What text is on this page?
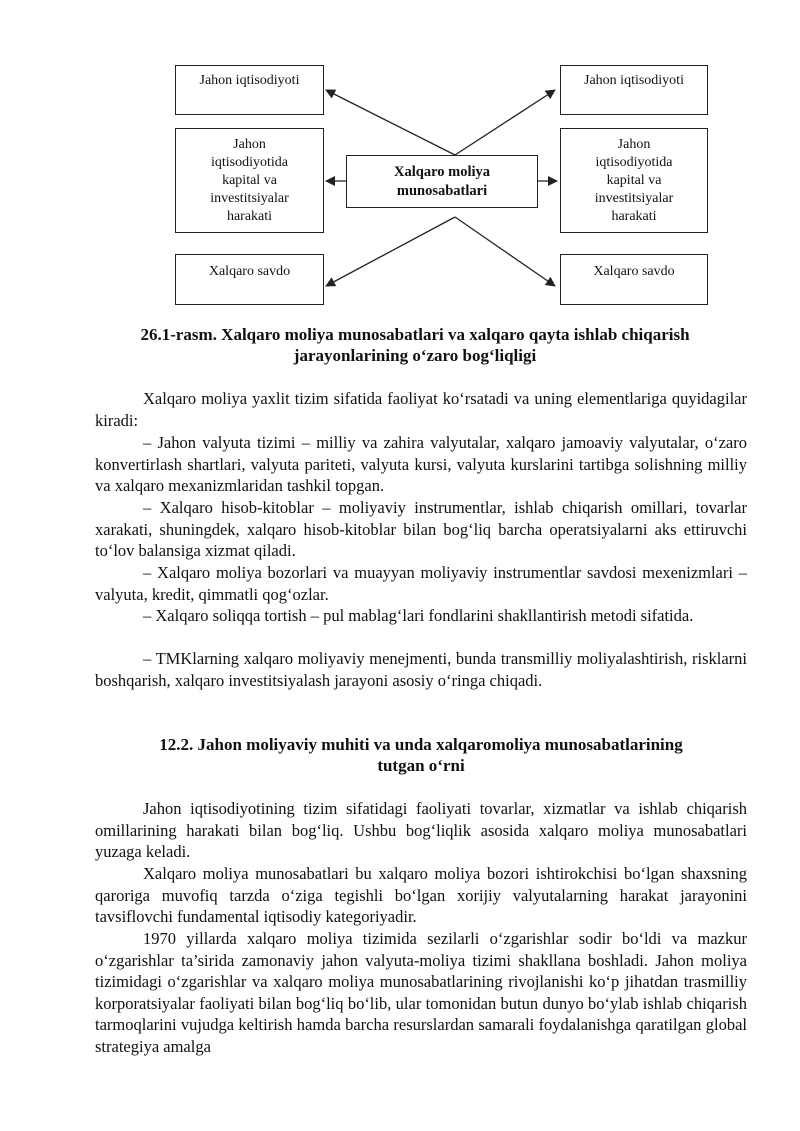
Jahon iqtisodiyoti	Jahon iqtisodiyoti
Jahon
iqtisodiyotida
kapital va
investitsiyalar
harakati
Jahon
iqtisodiyotida
kapital va
investitsiyalar
harakati
Xalqaro moliya
munosabatlari
Xalqaro savdo	Xalqaro savdo
26.1-rasm. Xalqaro moliya munosabatlari va xalqaro qayta ishlab chiqarish
jarayonlarining o‘zaro bog‘liqligi

Xalqaro moliya yaxlit tizim sifatida faoliyat ko‘rsatadi va uning elementlariga quyidagilar kiradi:

– Jahon valyuta tizimi – milliy va zahira valyutalar, xalqaro jamoaviy valyutalar, o‘zaro konvertirlash shartlari, valyuta pariteti, valyuta kursi, valyuta kurslarini tartibga solishning milliy va xalqaro mexanizmlaridan tashkil topgan.

– Xalqaro hisob-kitoblar – moliyaviy instrumentlar, ishlab chiqarish omillari, tovarlar xarakati, shuningdek, xalqaro hisob-kitoblar bilan bog‘liq barcha operatsiyalarni aks ettiruvchi to‘lov balansiga xizmat qiladi.

– Xalqaro moliya bozorlari va muayyan moliyaviy instrumentlar savdosi mexenizmlari – valyuta, kredit, qimmatli qog‘ozlar.

– Xalqaro soliqqa tortish – pul mablag‘lari fondlarini shakllantirish metodi sifatida.

– TMKlarning xalqaro moliyaviy menejmenti, bunda transmilliy moliyalashtirish, risklarni boshqarish, xalqaro investitsiyalash jarayoni asosiy o‘ringa chiqadi.

12.2. Jahon moliyaviy muhiti va unda xalqaromoliya munosabatlarining
tutgan o‘rni

Jahon iqtisodiyotining tizim sifatidagi faoliyati tovarlar, xizmatlar va ishlab chiqarish omillarining harakati bilan bog‘liq. Ushbu bog‘liqlik asosida xalqaro moliya munosabatlari yuzaga keladi.

Xalqaro moliya munosabatlari bu xalqaro moliya bozori ishtirokchisi bo‘lgan shaxsning qaroriga muvofiq tarzda o‘ziga tegishli bo‘lgan xorijiy valyutalarning harakat jarayonini tavsiflovchi fundamental iqtisodiy kategoriyadir.

1970 yillarda xalqaro moliya tizimida sezilarli o‘zgarishlar sodir bo‘ldi va mazkur o‘zgarishlar ta’sirida zamonaviy jahon valyuta-moliya tizimi shakllana boshladi. Jahon moliya tizimidagi o‘zgarishlar va xalqaro moliya munosabatlarining rivojlanishi ko‘p jihatdan trasmilliy korporatsiyalar faoliyati bilan bog‘liq bo‘lib, ular tomonidan butun dunyo bo‘ylab ishlab chiqarish tarmoqlarini vujudga keltirish hamda barcha resurslardan samarali foydalanishga qaratilgan global strategiya amalga
